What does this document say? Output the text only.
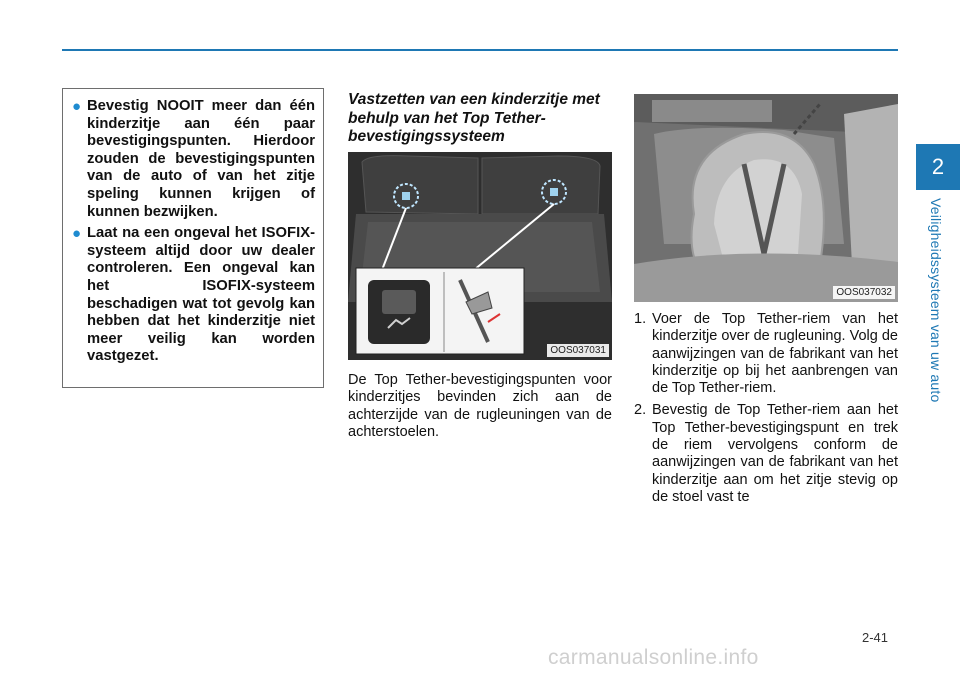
● Bevestig NOOIT meer dan één kinderzitje aan één paar bevestigingspunten. Hierdoor zouden de bevestigingspunten van de auto of van het zitje speling kunnen krijgen of kunnen bezwijken.
● Laat na een ongeval het ISOFIX-systeem altijd door uw dealer controleren. Een ongeval kan het ISOFIX-systeem beschadigen wat tot gevolg kan hebben dat het kinderzitje niet meer veilig kan worden vastgezet.
Vastzetten van een kinderzitje met behulp van het Top Tether-bevestigingssysteem
OOS037031

De Top Tether-bevestigingspunten voor kinderzitjes bevinden zich aan de achterzijde van de rugleuningen van de achterstoelen.

OOS037032
1. Voer de Top Tether-riem van het kinderzitje over de rugleuning. Volg de aanwijzingen van de fabrikant van het kinderzitje op bij het aanbrengen van de Top Tether-riem.
2. Bevestig de Top Tether-riem aan het Top Tether-bevestigingspunt en trek de riem vervolgens conform de aanwijzingen van de fabrikant van het kinderzitje aan om het zitje stevig op de stoel vast te
2
Veiligheidssysteem van uw auto
2-41
carmanualsonline.info
